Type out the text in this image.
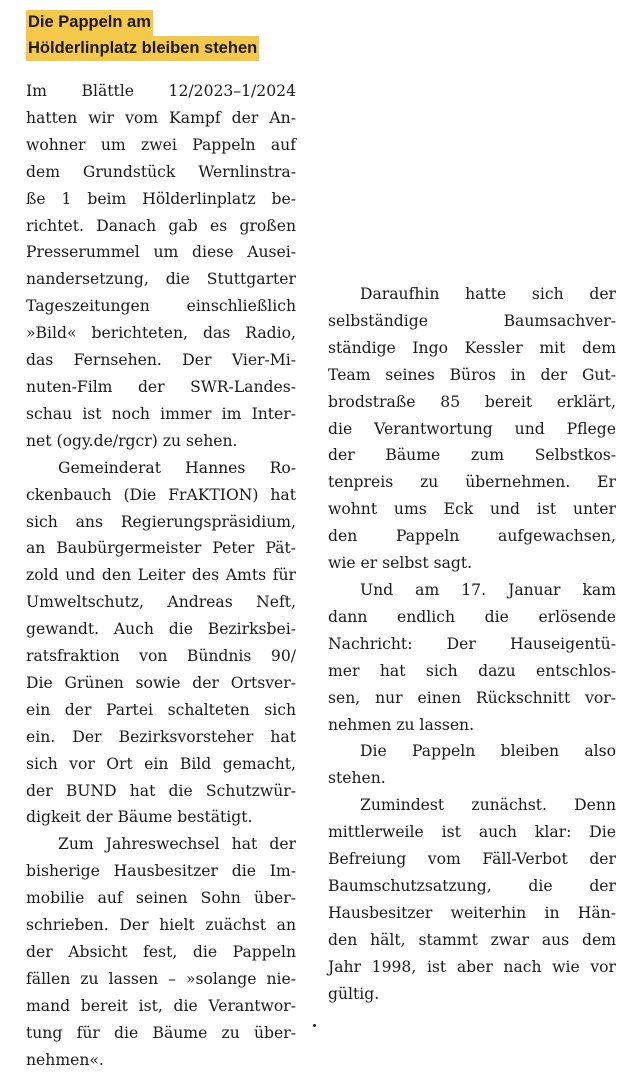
Die Pappeln am
Hölderlinplatz bleiben stehen
Im Blättle 12/2023–1/2024
hatten wir vom Kampf der An-
wohner um zwei Pappeln auf
dem Grundstück Wernlinstra-
ße 1 beim Hölderlinplatz be-
richtet. Danach gab es großen
Presserummel um diese Ausei-
nandersetzung, die Stuttgarter
Tageszeitungen einschließlich
»Bild« berichteten, das Radio,
das Fernsehen. Der Vier-Mi-
nuten-Film der SWR-Landes-
schau ist noch immer im Inter-
net (ogy.de/rgcr) zu sehen.
Gemeinderat Hannes Ro-
ckenbauch (Die FrAKTION) hat
sich ans Regierungspräsidium,
an Baubürgermeister Peter Pät-
zold und den Leiter des Amts für
Umweltschutz, Andreas Neft,
gewandt. Auch die Bezirksbei-
ratsfraktion von Bündnis 90/
Die Grünen sowie der Ortsver-
ein der Partei schalteten sich
ein. Der Bezirksvorsteher hat
sich vor Ort ein Bild gemacht,
der BUND hat die Schutzwür-
digkeit der Bäume bestätigt.
Zum Jahreswechsel hat der
bisherige Hausbesitzer die Im-
mobilie auf seinen Sohn über-
schrieben. Der hielt zuächst an
der Absicht fest, die Pappeln
fällen zu lassen – »solange nie-
mand bereit ist, die Verantwor-
tung für die Bäume zu über-
nehmen«.
Daraufhin hatte sich der
selbständige Baumsachver-
ständige Ingo Kessler mit dem
Team seines Büros in der Gut-
brodstraße 85 bereit erklärt,
die Verantwortung und Pflege
der Bäume zum Selbstkos-
tenpreis zu übernehmen. Er
wohnt ums Eck und ist unter
den Pappeln aufgewachsen,
wie er selbst sagt.
Und am 17. Januar kam
dann endlich die erlösende
Nachricht: Der Hauseigentü-
mer hat sich dazu entschlos-
sen, nur einen Rückschnitt vor-
nehmen zu lassen.
Die Pappeln bleiben also
stehen.
Zumindest zunächst. Denn
mittlerweile ist auch klar: Die
Befreiung vom Fäll-Verbot der
Baumschutzsatzung, die der
Hausbesitzer weiterhin in Hän-
den hält, stammt zwar aus dem
Jahr 1998, ist aber nach wie vor
gültig.
